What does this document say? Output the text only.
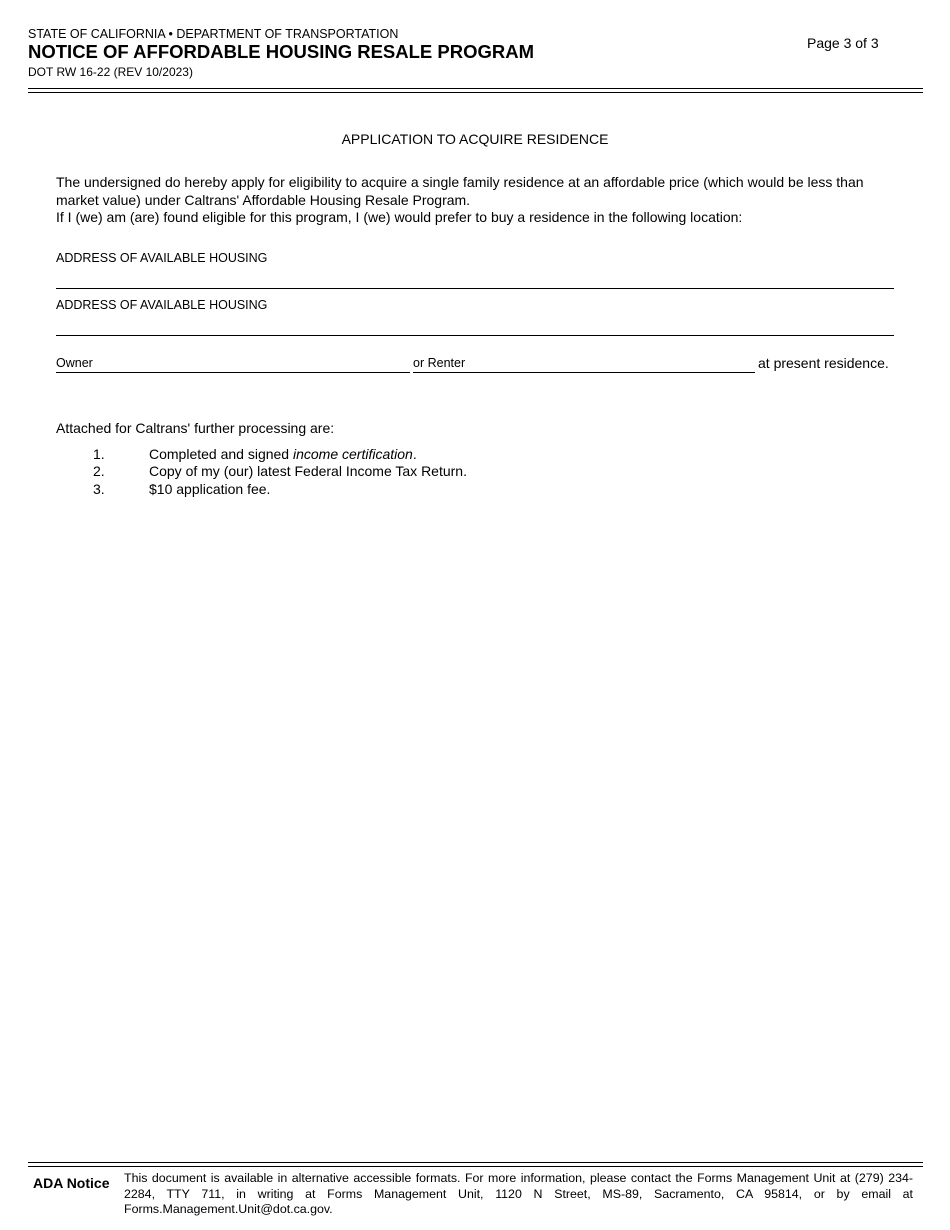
STATE OF CALIFORNIA • DEPARTMENT OF TRANSPORTATION
NOTICE OF AFFORDABLE HOUSING RESALE PROGRAM
DOT RW 16-22 (REV 10/2023)
Page 3 of 3
APPLICATION TO ACQUIRE RESIDENCE
The undersigned do hereby apply for eligibility to acquire a single family residence at an affordable price (which would be less than market value) under Caltrans' Affordable Housing Resale Program.
If I (we) am (are) found eligible for this program, I (we) would prefer to buy a residence in the following location:
ADDRESS OF AVAILABLE HOUSING
ADDRESS OF AVAILABLE HOUSING
Owner	or Renter	at present residence.
Attached for Caltrans' further processing are:
1.	Completed and signed income certification.
2.	Copy of my (our) latest Federal Income Tax Return.
3.	$10 application fee.
ADA Notice This document is available in alternative accessible formats. For more information, please contact the Forms Management Unit at (279) 234-2284, TTY 711, in writing at Forms Management Unit, 1120 N Street, MS-89, Sacramento, CA 95814, or by email at Forms.Management.Unit@dot.ca.gov.
